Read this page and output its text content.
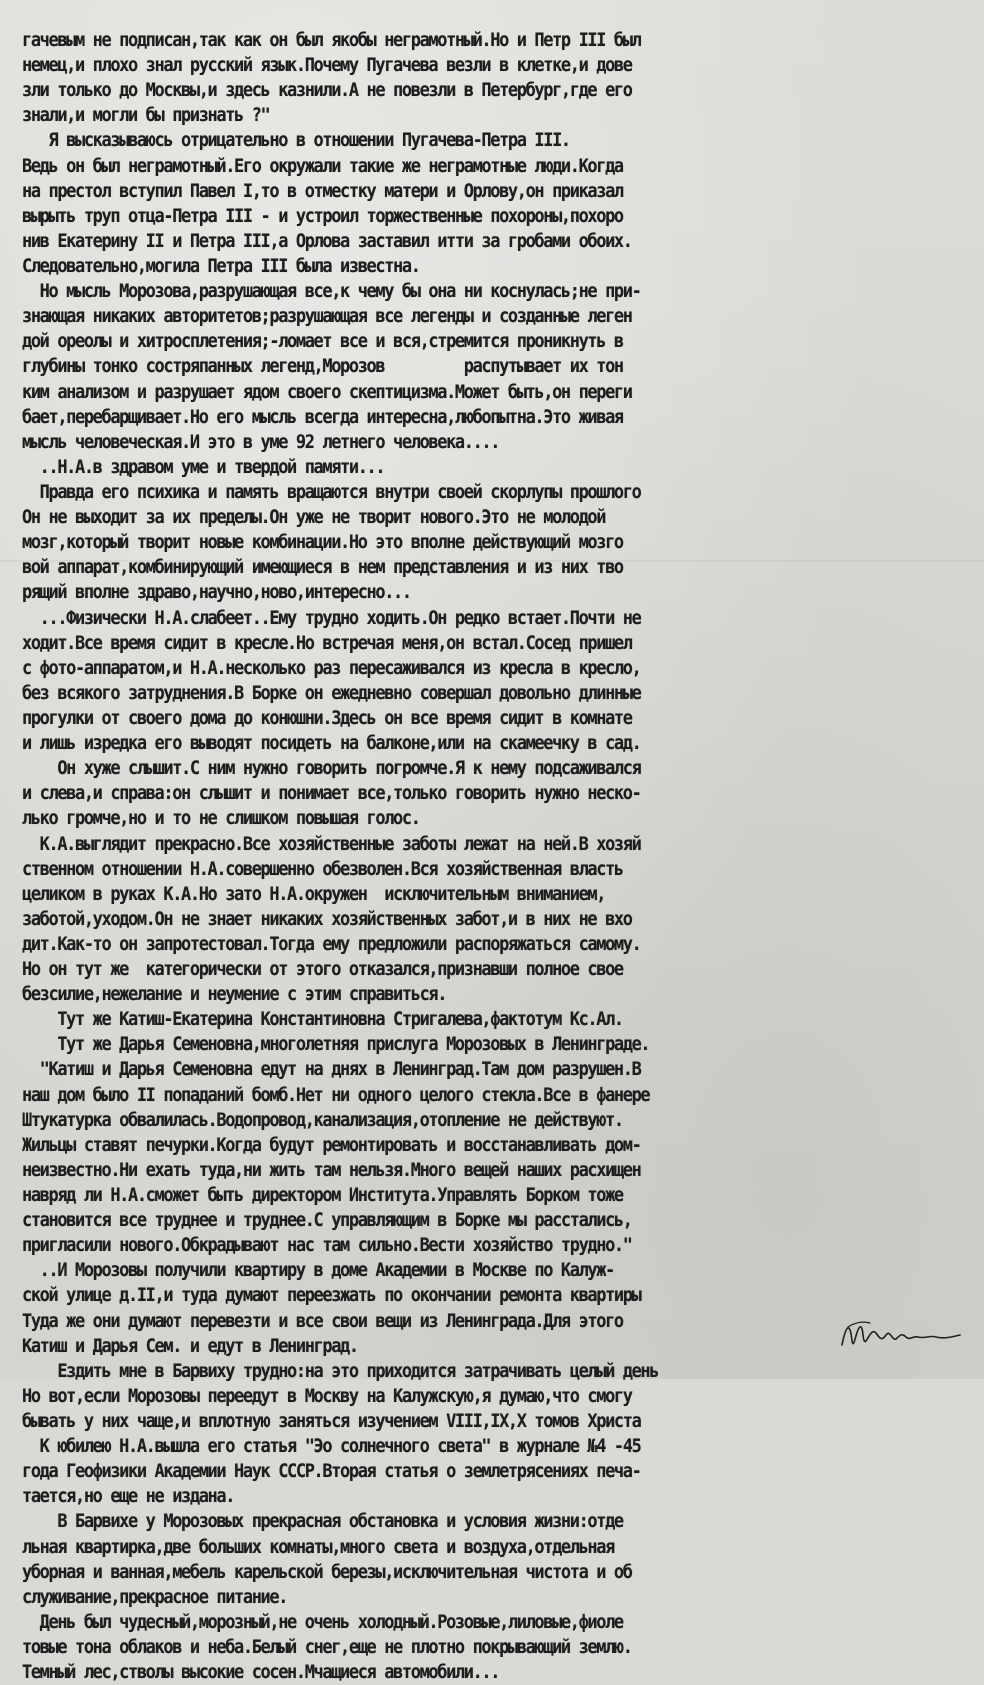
гачевым не подписан,так как он был якобы неграмотный.Но и Петр III был
немец,и плохо знал русский язык.Почему Пугачева везли в клетке,и дове
зли только до Москвы,и здесь казнили.А не повезли в Петербург,где его
знали,и могли бы признать ?"
Я высказываюсь отрицательно в отношении Пугачева-Петра III.
Ведь он был неграмотный.Его окружали такие же неграмотные люди.Когда
на престол вступил Павел I,то в отместку матери и Орлову,он приказал
вырыть труп отца-Петра III - и устроил торжественные похороны,похоро
нив Екатерину II и Петра III,а Орлова заставил итти за гробами обоих.
Следовательно,могила Петра III была известна.
Но мысль Морозова,разрушающая все,к чему бы она ни коснулась;не при-
знающая никаких авторитетов;разрушающая все легенды и созданные леген
дой ореолы и хитросплетения;-ломает все и вся,стремится проникнуть в
глубины тонко состряпанных легенд,Морозов         распутывает их тон
ким анализом и разрушает ядом своего скептицизма.Может быть,он переги
бает,перебарщивает.Но его мысль всегда интересна,любопытна.Это живая
мысль человеческая.И это в уме 92 летнего человека....
..Н.А.в здравом уме и твердой памяти...
Правда его психика и память вращаются внутри своей скорлупы прошлого
Он не выходит за их пределы.Он уже не творит нового.Это не молодой
мозг,который творит новые комбинации.Но это вполне действующий мозго
вой аппарат,комбинирующий имеющиеся в нем представления и из них тво
рящий вполне здраво,научно,ново,интересно...
...Физически Н.А.слабеет..Ему трудно ходить.Он редко встает.Почти не
ходит.Все время сидит в кресле.Но встречая меня,он встал.Сосед пришел
с фото-аппаратом,и Н.А.несколько раз пересаживался из кресла в кресло,
без всякого затруднения.В Борке он ежедневно совершал довольно длинные
прогулки от своего дома до конюшни.Здесь он все время сидит в комнате
и лишь изредка его выводят посидеть на балконе,или на скамеечку в сад.
Он хуже слышит.С ним нужно говорить погромче.Я к нему подсаживался
и слева,и справа:он слышит и понимает все,только говорить нужно неско-
лько громче,но и то не слишком повышая голос.
К.А.выглядит прекрасно.Все хозяйственные заботы лежат на ней.В хозяй
ственном отношении Н.А.совершенно обезволен.Вся хозяйственная власть
целиком в руках К.А.Но зато Н.А.окружен  исключительным вниманием,
заботой,уходом.Он не знает никаких хозяйственных забот,и в них не вхо
дит.Как-то он запротестовал.Тогда ему предложили распоряжаться самому.
Но он тут же  категорически от этого отказался,признавши полное свое
безсилие,нежелание и неумение с этим справиться.
Тут же Катиш-Екатерина Константиновна Стригалева,фактотум Кс.Ал.
Тут же Дарья Семеновна,многолетняя прислуга Морозовых в Ленинграде.
"Катиш и Дарья Семеновна едут на днях в Ленинград.Там дом разрушен.В
наш дом было II попаданий бомб.Нет ни одного целого стекла.Все в фанере
Штукатурка обвалилась.Водопровод,канализация,отопление не действуют.
Жильцы ставят печурки.Когда будут ремонтировать и восстанавливать дом-
неизвестно.Ни ехать туда,ни жить там нельзя.Много вещей наших расхищен
навряд ли Н.А.сможет быть директором Института.Управлять Борком тоже
становится все труднее и труднее.С управляющим в Борке мы расстались,
пригласили нового.Обкрадывают нас там сильно.Вести хозяйство трудно."
..И Морозовы получили квартиру в доме Академии в Москве по Калуж-
ской улице д.II,и туда думают переезжать по окончании ремонта квартиры
Туда же они думают перевезти и все свои вещи из Ленинграда.Для этого
Катиш и Дарья Сем. и едут в Ленинград.
Ездить мне в Барвиху трудно:на это приходится затрачивать целый день
Но вот,если Морозовы переедут в Москву на Калужскую,я думаю,что смогу
бывать у них чаще,и вплотную заняться изучением VIII,IX,X томов Христа
К юбилею Н.А.вышла его статья "Эо солнечного света" в журнале №4 -45
года Геофизики Академии Наук СССР.Вторая статья о землетрясениях печа-
тается,но еще не издана.
В Барвихе у Морозовых прекрасная обстановка и условия жизни:отде
льная квартирка,две больших комнаты,много света и воздуха,отдельная
уборная и ванная,мебель карельской березы,исключительная чистота и об
служивание,прекрасное питание.
День был чудесный,морозный,не очень холодный.Розовые,лиловые,фиоле
товые тона облаков и неба.Белый снег,еще не плотно покрывающий землю.
Темный лес,стволы высокие сосен.Мчащиеся автомобили...
